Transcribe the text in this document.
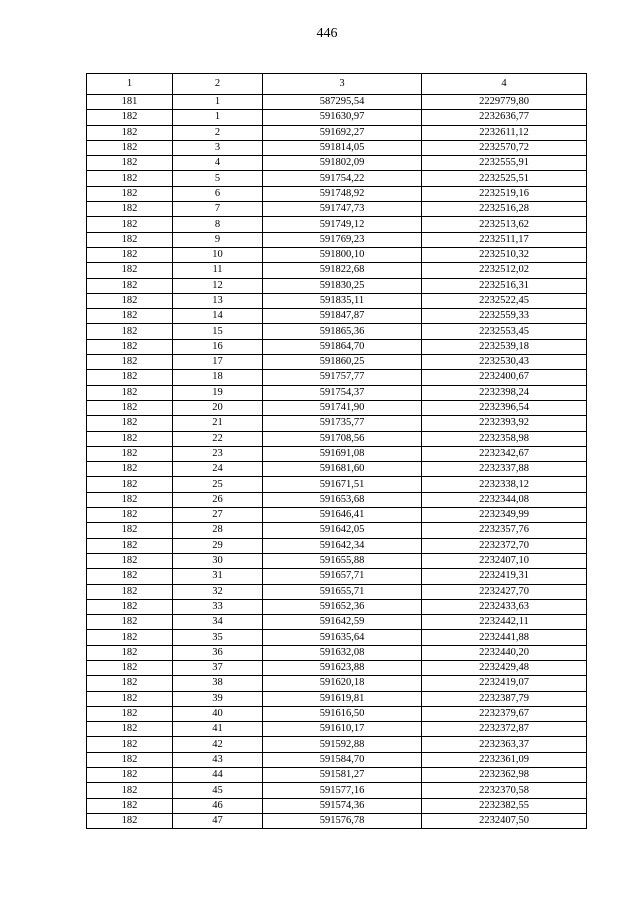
446
1	2	3	4
181	1	587295,54	2229779,80
182	1	591630,97	2232636,77
182	2	591692,27	2232611,12
182	3	591814,05	2232570,72
182	4	591802,09	2232555,91
182	5	591754,22	2232525,51
182	6	591748,92	2232519,16
182	7	591747,73	2232516,28
182	8	591749,12	2232513,62
182	9	591769,23	2232511,17
182	10	591800,10	2232510,32
182	11	591822,68	2232512,02
182	12	591830,25	2232516,31
182	13	591835,11	2232522,45
182	14	591847,87	2232559,33
182	15	591865,36	2232553,45
182	16	591864,70	2232539,18
182	17	591860,25	2232530,43
182	18	591757,77	2232400,67
182	19	591754,37	2232398,24
182	20	591741,90	2232396,54
182	21	591735,77	2232393,92
182	22	591708,56	2232358,98
182	23	591691,08	2232342,67
182	24	591681,60	2232337,88
182	25	591671,51	2232338,12
182	26	591653,68	2232344,08
182	27	591646,41	2232349,99
182	28	591642,05	2232357,76
182	29	591642,34	2232372,70
182	30	591655,88	2232407,10
182	31	591657,71	2232419,31
182	32	591655,71	2232427,70
182	33	591652,36	2232433,63
182	34	591642,59	2232442,11
182	35	591635,64	2232441,88
182	36	591632,08	2232440,20
182	37	591623,88	2232429,48
182	38	591620,18	2232419,07
182	39	591619,81	2232387,79
182	40	591616,50	2232379,67
182	41	591610,17	2232372,87
182	42	591592,88	2232363,37
182	43	591584,70	2232361,09
182	44	591581,27	2232362,98
182	45	591577,16	2232370,58
182	46	591574,36	2232382,55
182	47	591576,78	2232407,50
